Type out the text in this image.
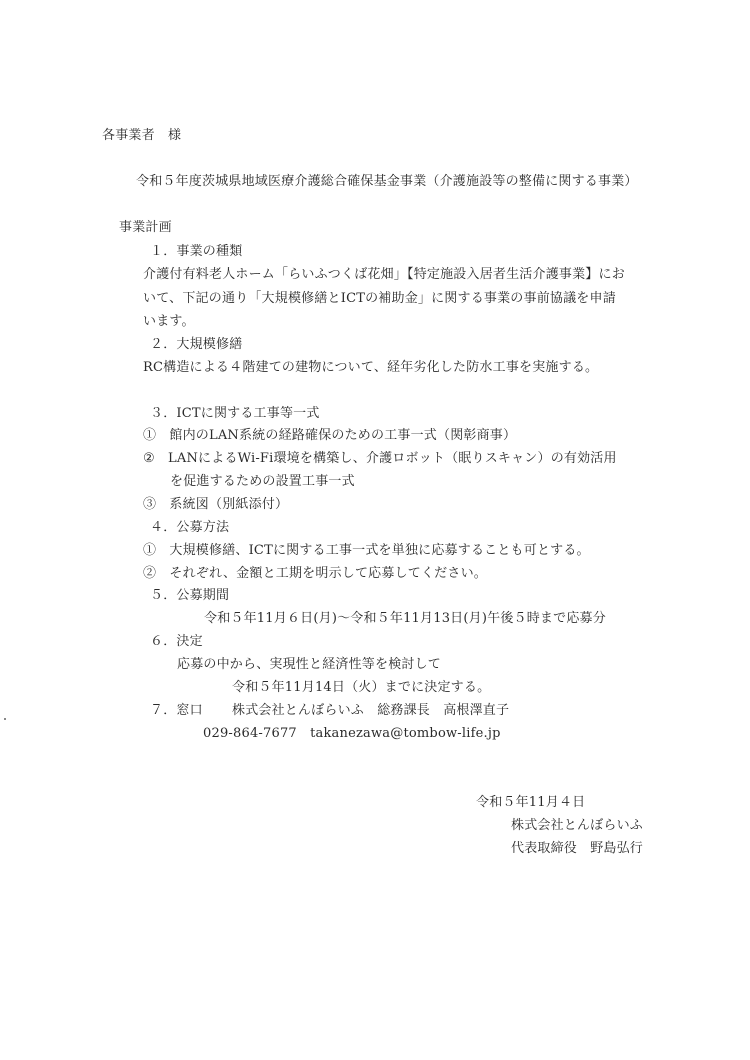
各事業者　様

令和５年度茨城県地域医療介護総合確保基金事業（介護施設等の整備に関する事業）

事業計画

１．事業の種類

介護付有料老人ホーム「らいふつくば花畑」【特定施設入居者生活介護事業】にお

いて、下記の通り「大規模修繕とICTの補助金」に関する事業の事前協議を申請

います。

２．大規模修繕

RC構造による４階建ての建物について、経年劣化した防水工事を実施する。

３．ICTに関する工事等一式

①　館内のLAN系統の経路確保のための工事一式（関彰商事）

②　LANによるWi‐Fi環境を構築し、介護ロボット（眠りスキャン）の有効活用

を促進するための設置工事一式

③　系統図（別紙添付）

４．公募方法

①　大規模修繕、ICTに関する工事一式を単独に応募することも可とする。

②　それぞれ、金額と工期を明示して応募してください。

５．公募期間

令和５年11月６日(月)～令和５年11月13日(月)午後５時まで応募分

６．決定

応募の中から、実現性と経済性等を検討して

令和５年11月14日（火）までに決定する。

７．窓口 株式会社とんぼらいふ　総務課長　高根澤直子

029-864-7677　takanezawa@tombow-life.jp

令和５年11月４日

株式会社とんぼらいふ

代表取締役　野島弘行
